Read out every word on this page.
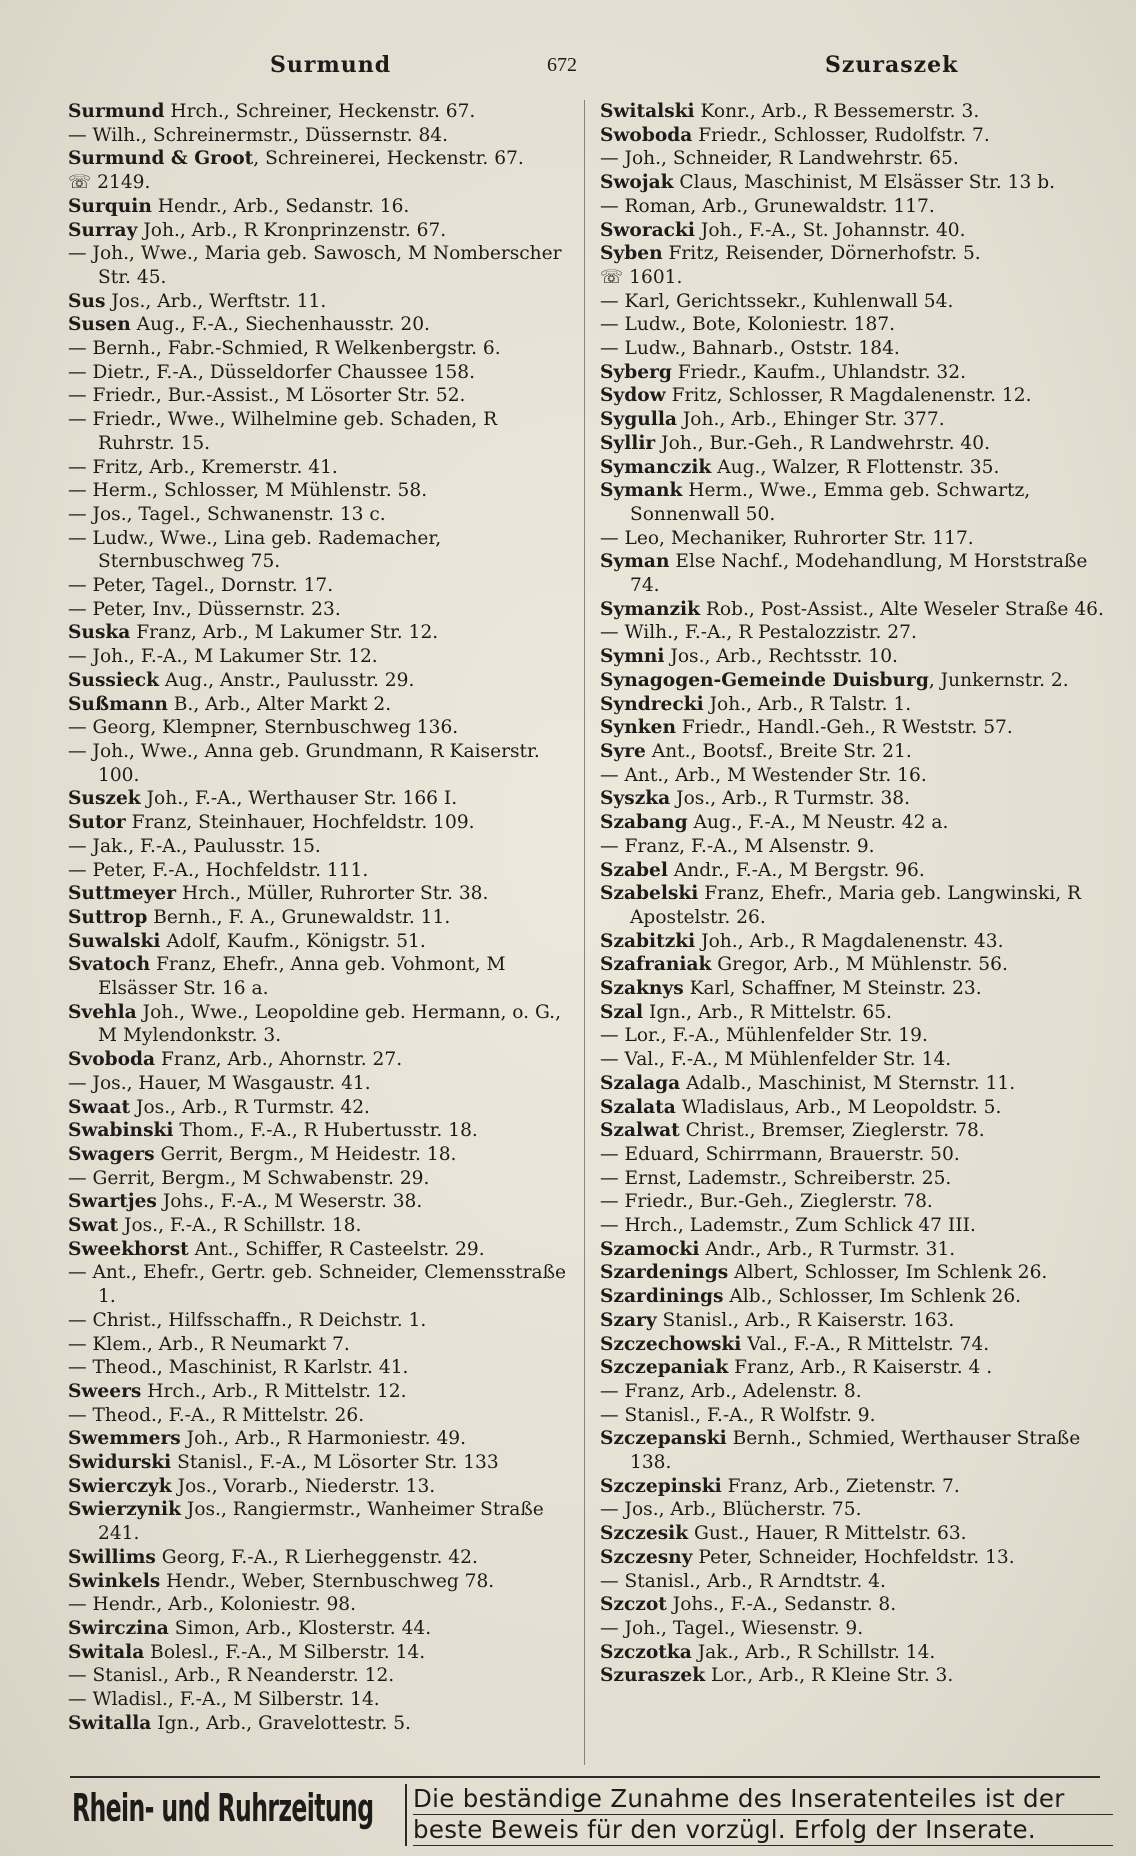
Surmund	672	Szuraszek
Surmund Hrch., Schreiner, Heckenstr. 67.
— Wilh., Schreinermstr., Düssernstr. 84.
Surmund & Groot, Schreinerei, Heckenstr. 67.
☏ 2149.
Surquin Hendr., Arb., Sedanstr. 16.
Surray Joh., Arb., R Kronprinzenstr. 67.
— Joh., Wwe., Maria geb. Sawosch, M Nomberscher Str. 45.
Sus Jos., Arb., Werftstr. 11.
Susen Aug., F.-A., Siechenhausstr. 20.
— Bernh., Fabr.-Schmied, R Welkenbergstr. 6.
— Dietr., F.-A., Düsseldorfer Chaussee 158.
— Friedr., Bur.-Assist., M Lösorter Str. 52.
— Friedr., Wwe., Wilhelmine geb. Schaden, R Ruhrstr. 15.
— Fritz, Arb., Kremerstr. 41.
— Herm., Schlosser, M Mühlenstr. 58.
— Jos., Tagel., Schwanenstr. 13 c.
— Ludw., Wwe., Lina geb. Rademacher, Sternbuschweg 75.
— Peter, Tagel., Dornstr. 17.
— Peter, Inv., Düssernstr. 23.
Suska Franz, Arb., M Lakumer Str. 12.
— Joh., F.-A., M Lakumer Str. 12.
Sussieck Aug., Anstr., Paulusstr. 29.
Sußmann B., Arb., Alter Markt 2.
— Georg, Klempner, Sternbuschweg 136.
— Joh., Wwe., Anna geb. Grundmann, R Kaiserstr. 100.
Suszek Joh., F.-A., Werthauser Str. 166 I.
Sutor Franz, Steinhauer, Hochfeldstr. 109.
— Jak., F.-A., Paulusstr. 15.
— Peter, F.-A., Hochfeldstr. 111.
Suttmeyer Hrch., Müller, Ruhrorter Str. 38.
Suttrop Bernh., F. A., Grunewaldstr. 11.
Suwalski Adolf, Kaufm., Königstr. 51.
Svatoch Franz, Ehefr., Anna geb. Vohmont, M Elsässer Str. 16 a.
Svehla Joh., Wwe., Leopoldine geb. Hermann, o. G., M Mylendonkstr. 3.
Svoboda Franz, Arb., Ahornstr. 27.
— Jos., Hauer, M Wasgaustr. 41.
Swaat Jos., Arb., R Turmstr. 42.
Swabinski Thom., F.-A., R Hubertusstr. 18.
Swagers Gerrit, Bergm., M Heidestr. 18.
— Gerrit, Bergm., M Schwabenstr. 29.
Swartjes Johs., F.-A., M Weserstr. 38.
Swat Jos., F.-A., R Schillstr. 18.
Sweekhorst Ant., Schiffer, R Casteelstr. 29.
— Ant., Ehefr., Gertr. geb. Schneider, Clemensstraße 1.
— Christ., Hilfsschaffn., R Deichstr. 1.
— Klem., Arb., R Neumarkt 7.
— Theod., Maschinist, R Karlstr. 41.
Sweers Hrch., Arb., R Mittelstr. 12.
— Theod., F.-A., R Mittelstr. 26.
Swemmers Joh., Arb., R Harmoniestr. 49.
Swidurski Stanisl., F.-A., M Lösorter Str. 133
Swierczyk Jos., Vorarb., Niederstr. 13.
Swierzynik Jos., Rangiermstr., Wanheimer Straße 241.
Swillims Georg, F.-A., R Lierheggenstr. 42.
Swinkels Hendr., Weber, Sternbuschweg 78.
— Hendr., Arb., Koloniestr. 98.
Swirczina Simon, Arb., Klosterstr. 44.
Switala Bolesl., F.-A., M Silberstr. 14.
— Stanisl., Arb., R Neanderstr. 12.
— Wladisl., F.-A., M Silberstr. 14.
Switalla Ign., Arb., Gravelottestr. 5.
Switalski Konr., Arb., R Bessemerstr. 3.
Swoboda Friedr., Schlosser, Rudolfstr. 7.
— Joh., Schneider, R Landwehrstr. 65.
Swojak Claus, Maschinist, M Elsässer Str. 13 b.
— Roman, Arb., Grunewaldstr. 117.
Sworacki Joh., F.-A., St. Johannstr. 40.
Syben Fritz, Reisender, Dörnerhofstr. 5.
☏ 1601.
— Karl, Gerichtssekr., Kuhlenwall 54.
— Ludw., Bote, Koloniestr. 187.
— Ludw., Bahnarb., Oststr. 184.
Syberg Friedr., Kaufm., Uhlandstr. 32.
Sydow Fritz, Schlosser, R Magdalenenstr. 12.
Sygulla Joh., Arb., Ehinger Str. 377.
Syllir Joh., Bur.-Geh., R Landwehrstr. 40.
Symanczik Aug., Walzer, R Flottenstr. 35.
Symank Herm., Wwe., Emma geb. Schwartz, Sonnenwall 50.
— Leo, Mechaniker, Ruhrorter Str. 117.
Syman Else Nachf., Modehandlung, M Horststraße 74.
Symanzik Rob., Post-Assist., Alte Weseler Straße 46.
— Wilh., F.-A., R Pestalozzistr. 27.
Symni Jos., Arb., Rechtsstr. 10.
Synagogen-Gemeinde Duisburg, Junkernstr. 2.
Syndrecki Joh., Arb., R Talstr. 1.
Synken Friedr., Handl.-Geh., R Weststr. 57.
Syre Ant., Bootsf., Breite Str. 21.
— Ant., Arb., M Westender Str. 16.
Syszka Jos., Arb., R Turmstr. 38.
Szabang Aug., F.-A., M Neustr. 42 a.
— Franz, F.-A., M Alsenstr. 9.
Szabel Andr., F.-A., M Bergstr. 96.
Szabelski Franz, Ehefr., Maria geb. Langwinski, R Apostelstr. 26.
Szabitzki Joh., Arb., R Magdalenenstr. 43.
Szafraniak Gregor, Arb., M Mühlenstr. 56.
Szaknys Karl, Schaffner, M Steinstr. 23.
Szal Ign., Arb., R Mittelstr. 65.
— Lor., F.-A., Mühlenfelder Str. 19.
— Val., F.-A., M Mühlenfelder Str. 14.
Szalaga Adalb., Maschinist, M Sternstr. 11.
Szalata Wladislaus, Arb., M Leopoldstr. 5.
Szalwat Christ., Bremser, Zieglerstr. 78.
— Eduard, Schirrmann, Brauerstr. 50.
— Ernst, Lademstr., Schreiberstr. 25.
— Friedr., Bur.-Geh., Zieglerstr. 78.
— Hrch., Lademstr., Zum Schlick 47 III.
Szamocki Andr., Arb., R Turmstr. 31.
Szardenings Albert, Schlosser, Im Schlenk 26.
Szardinings Alb., Schlosser, Im Schlenk 26.
Szary Stanisl., Arb., R Kaiserstr. 163.
Szczechowski Val., F.-A., R Mittelstr. 74.
Szczepaniak Franz, Arb., R Kaiserstr. 4 .
— Franz, Arb., Adelenstr. 8.
— Stanisl., F.-A., R Wolfstr. 9.
Szczepanski Bernh., Schmied, Werthauser Straße 138.
Szczepinski Franz, Arb., Zietenstr. 7.
— Jos., Arb., Blücherstr. 75.
Szczesik Gust., Hauer, R Mittelstr. 63.
Szczesny Peter, Schneider, Hochfeldstr. 13.
— Stanisl., Arb., R Arndtstr. 4.
Szczot Johs., F.-A., Sedanstr. 8.
— Joh., Tagel., Wiesenstr. 9.
Szczotka Jak., Arb., R Schillstr. 14.
Szuraszek Lor., Arb., R Kleine Str. 3.
Rhein- und Ruhrzeitung	Die beständige Zunahme des Inseratenteiles ist der
beste Beweis für den vorzügl. Erfolg der Inserate.
